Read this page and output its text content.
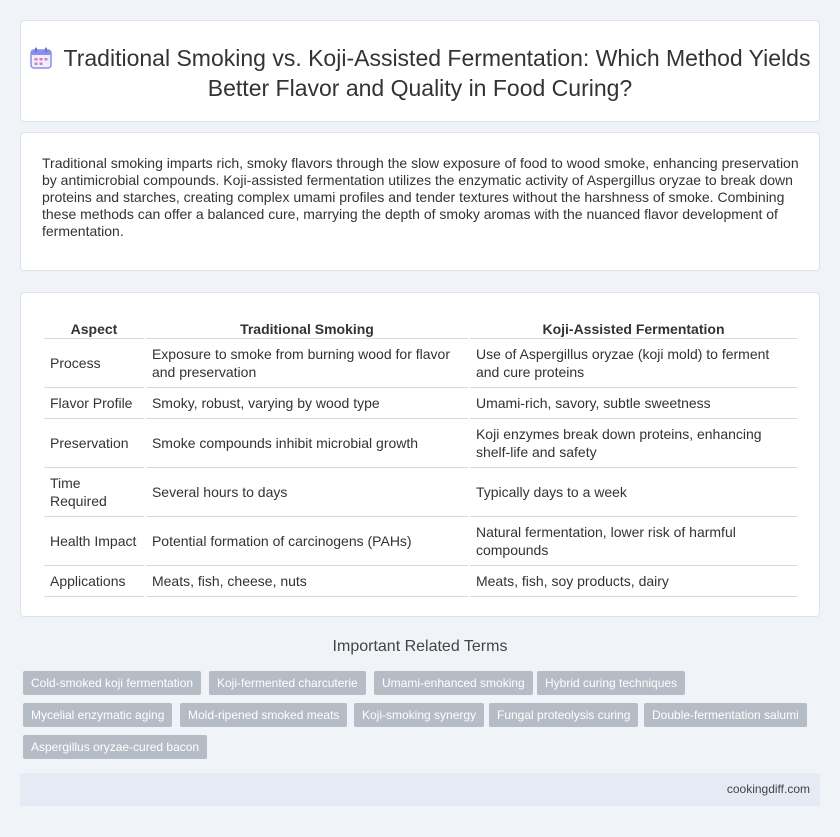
Traditional Smoking vs. Koji-Assisted Fermentation: Which Method Yields Better Flavor and Quality in Food Curing?

Traditional smoking imparts rich, smoky flavors through the slow exposure of food to wood smoke, enhancing preservation by antimicrobial compounds. Koji-assisted fermentation utilizes the enzymatic activity of Aspergillus oryzae to break down proteins and starches, creating complex umami profiles and tender textures without the harshness of smoke. Combining these methods can offer a balanced cure, marrying the depth of smoky aromas with the nuanced flavor development of fermentation.

Aspect	Traditional Smoking	Koji-Assisted Fermentation
Process	Exposure to smoke from burning wood for flavor and preservation	Use of Aspergillus oryzae (koji mold) to ferment and cure proteins
Flavor Profile	Smoky, robust, varying by wood type	Umami-rich, savory, subtle sweetness
Preservation	Smoke compounds inhibit microbial growth	Koji enzymes break down proteins, enhancing shelf-life and safety
Time Required	Several hours to days	Typically days to a week
Health Impact	Potential formation of carcinogens (PAHs)	Natural fermentation, lower risk of harmful compounds
Applications	Meats, fish, cheese, nuts	Meats, fish, soy products, dairy
Important Related Terms
Cold-smoked koji fermentation	Koji-fermented charcuterie	Umami-enhanced smoking	Hybrid curing techniques
Mycelial enzymatic aging	Mold-ripened smoked meats	Koji-smoking synergy	Fungal proteolysis curing	Double-fermentation salumi
Aspergillus oryzae-cured bacon
cookingdiff.com
